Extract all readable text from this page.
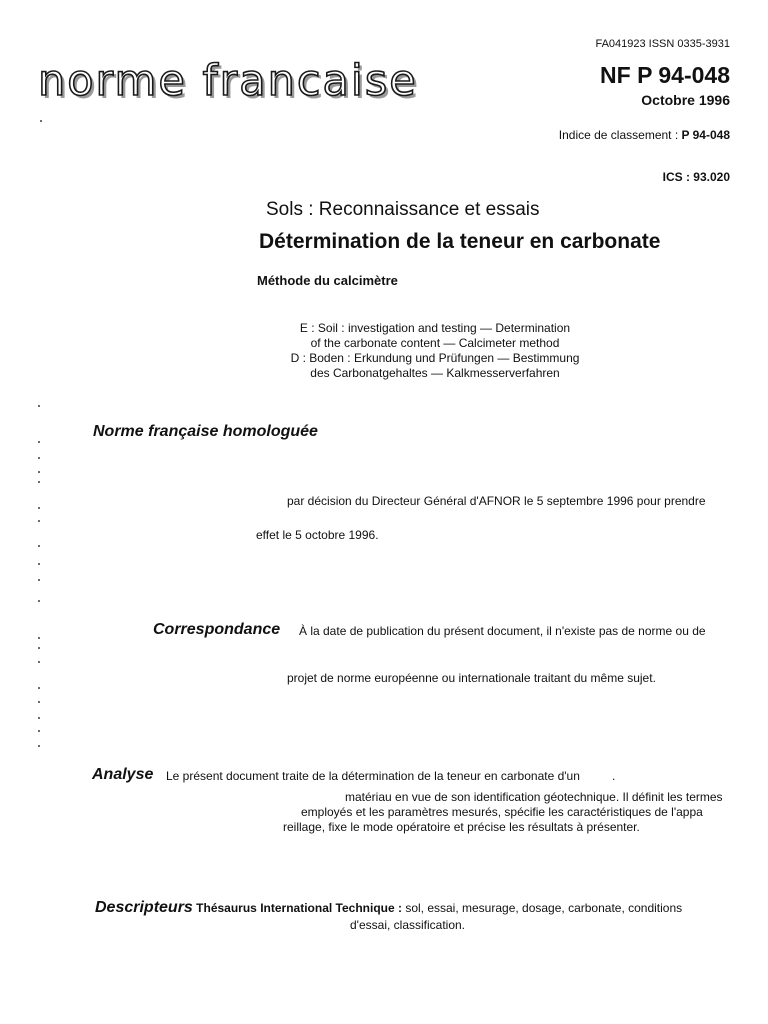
norme francaise
FA041923 ISSN 0335-3931
NF P 94-048
Octobre 1996
Indice de classement : P 94-048
ICS : 93.020
Sols : Reconnaissance et essais
Détermination de la teneur en carbonate
Méthode du calcimètre
E : Soil : investigation and testing — Determination
of the carbonate content — Calcimeter method
D : Boden : Erkundung und Prüfungen — Bestimmung
des Carbonatgehaltes — Kalkmesserverfahren
Norme française homologuée
par décision du Directeur Général d'AFNOR le 5 septembre 1996 pour prendre
effet le 5 octobre 1996.
Correspondance À la date de publication du présent document, il n'existe pas de norme ou de
projet de norme européenne ou internationale traitant du même sujet.
Analyse Le présent document traite de la détermination de la teneur en carbonate d'un	.
matériau en vue de son identification géotechnique. Il définit les termes
employés et les paramètres mesurés, spécifie les caractéristiques de l'appa
reillage, fixe le mode opératoire et précise les résultats à présenter.
Descripteurs Thésaurus International Technique : sol, essai, mesurage, dosage, carbonate, conditions
d'essai, classification.
